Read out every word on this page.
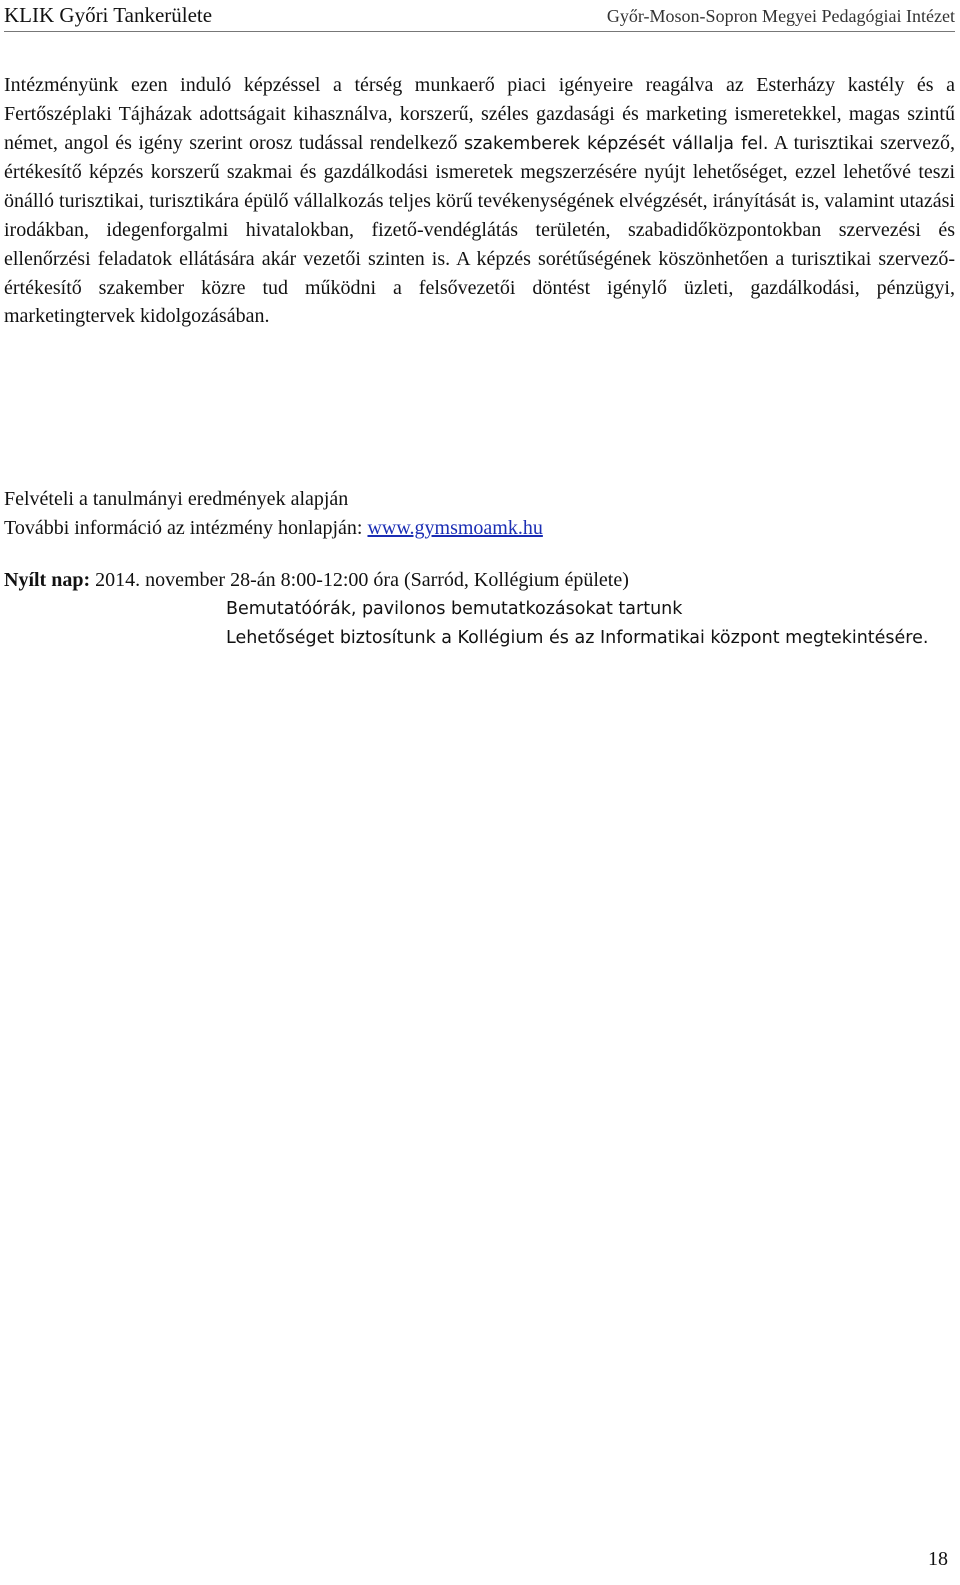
KLIK Győri Tankerülete	Győr-Moson-Sopron Megyei Pedagógiai Intézet
Intézményünk ezen induló képzéssel a térség munkaerő piaci igényeire reagálva az Esterházy kastély és a Fertőszéplaki Tájházak adottságait kihasználva, korszerű, széles gazdasági és marketing ismeretekkel, magas szintű német, angol és igény szerint orosz tudással rendelkező szakemberek képzését vállalja fel. A turisztikai szervező, értékesítő képzés korszerű szakmai és gazdálkodási ismeretek megszerzésére nyújt lehetőséget, ezzel lehetővé teszi önálló turisztikai, turisztikára épülő vállalkozás teljes körű tevékenységének elvégzését, irányítását is, valamint utazási irodákban, idegenforgalmi hivatalokban, fizető-vendéglátás területén, szabadidőközpontokban szervezési és ellenőrzési feladatok ellátására akár vezetői szinten is. A képzés sorétűségének köszönhetően a turisztikai szervező-értékesítő szakember közre tud működni a felsővezetői döntést igénylő üzleti, gazdálkodási, pénzügyi, marketingtervek kidolgozásában.
Felvételi a tanulmányi eredmények alapján
További információ az intézmény honlapján: www.gymsmoamk.hu
Nyílt nap: 2014. november 28-án 8:00-12:00 óra (Sarród, Kollégium épülete)
Bemutatóórák, pavilonos bemutatkozásokat tartunk
Lehetőséget biztosítunk a Kollégium és az Informatikai központ megtekintésére.
18
